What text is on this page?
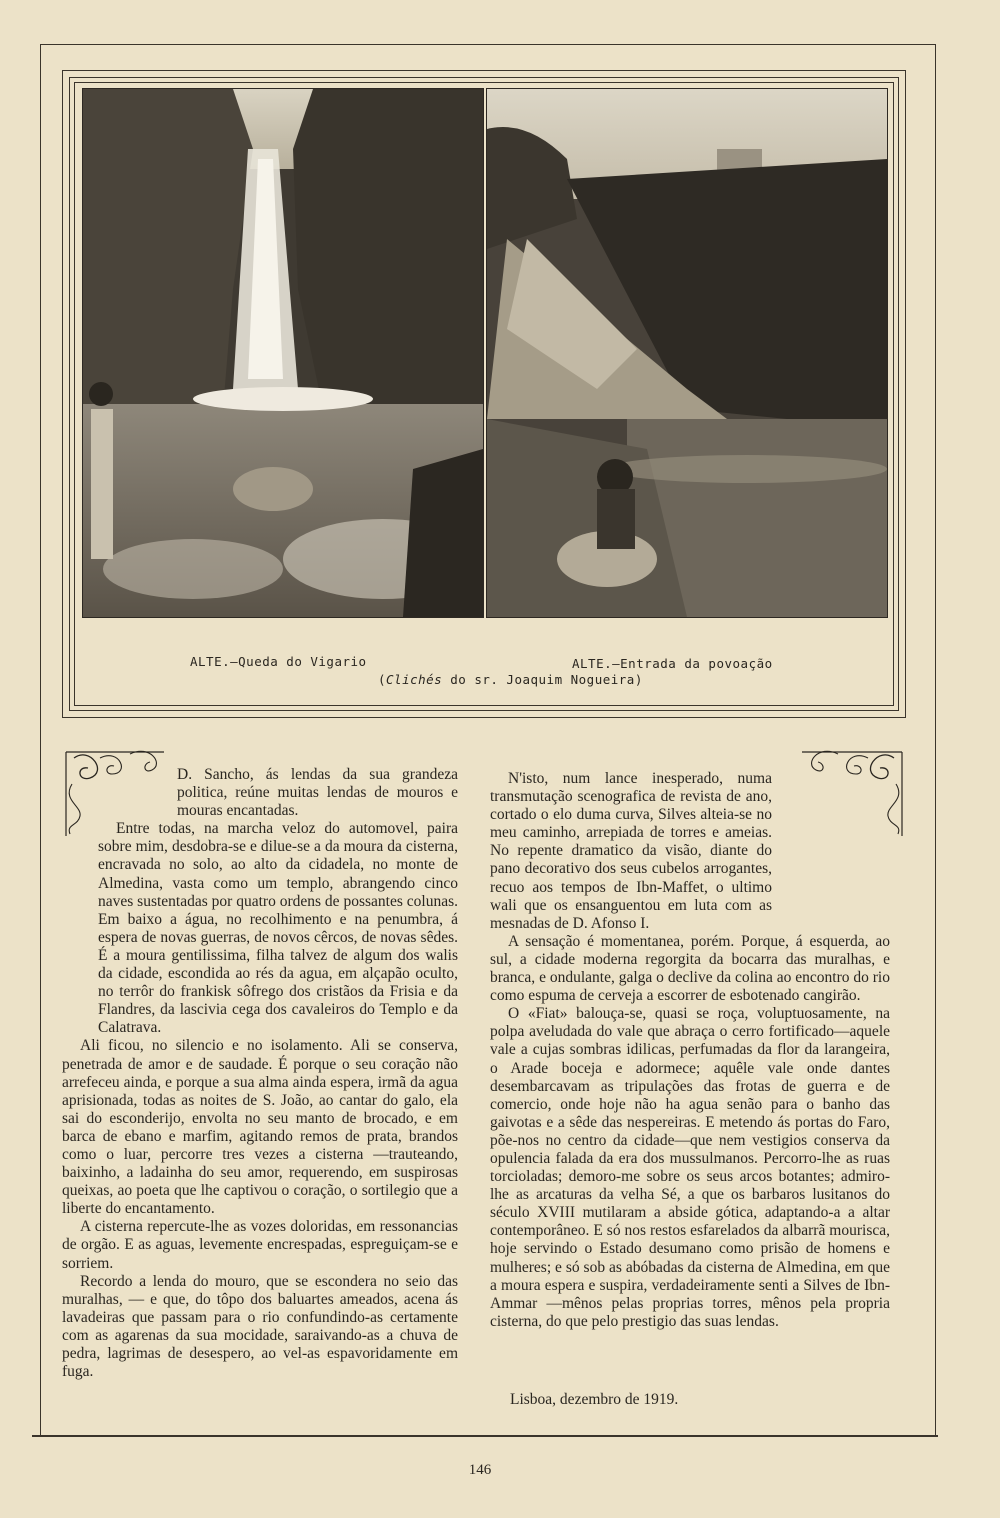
ALTE.—Queda do Vigario	ALTE.—Entrada da povoação
(Clichés do sr. Joaquim Nogueira)

D. Sancho, ás lendas da sua grandeza politica, reúne muitas lendas de mouros e mouras encantadas.

Entre todas, na marcha veloz do automovel, paira sobre mim, desdobra-se e dilue-se a da moura da cisterna, encravada no solo, ao alto da cidadela, no monte de Almedina, vasta como um templo, abrangendo cinco naves sustentadas por quatro ordens de possantes colunas. Em baixo a água, no recolhimento e na penumbra, á espera de novas guerras, de novos cêrcos, de novas sêdes. É a moura gentilissima, filha talvez de algum dos walis da cidade, escondida ao rés da agua, em alçapão oculto, no terrôr do frankisk sôfrego dos cristãos da Frisia e da Flandres, da lascivia cega dos cavaleiros do Templo e da Calatrava.

Ali ficou, no silencio e no isolamento. Ali se conserva, penetrada de amor e de saudade. É porque o seu coração não arrefeceu ainda, e porque a sua alma ainda espera, irmã da agua aprisionada, todas as noites de S. João, ao cantar do galo, ela sai do esconderijo, envolta no seu manto de brocado, e em barca de ebano e marfim, agitando remos de prata, brandos como o luar, percorre tres vezes a cisterna —trauteando, baixinho, a ladainha do seu amor, requerendo, em suspirosas queixas, ao poeta que lhe captivou o coração, o sortilegio que a liberte do encantamento.

A cisterna repercute-lhe as vozes doloridas, em ressonancias de orgão. E as aguas, levemente encrespadas, espreguiçam-se e sorriem.

Recordo a lenda do mouro, que se escondera no seio das muralhas, — e que, do tôpo dos baluartes ameados, acena ás lavadeiras que passam para o rio confundindo-as certamente com as agarenas da sua mocidade, saraivando-as a chuva de pedra, lagrimas de desespero, ao vel-as espavoridamente em fuga.

N'isto, num lance inesperado, numa transmutação scenografica de revista de ano, cortado o elo duma curva, Silves alteia-se no meu caminho, arrepiada de torres e ameias. No repente dramatico da visão, diante do pano decorativo dos seus cubelos arrogantes, recuo aos tempos de Ibn-Maffet, o ultimo wali que os ensanguentou em luta com as mesnadas de D. Afonso I.

A sensação é momentanea, porém. Porque, á esquerda, ao sul, a cidade moderna regorgita da bocarra das muralhas, e branca, e ondulante, galga o declive da colina ao encontro do rio como espuma de cerveja a escorrer de esbotenado cangirão.

O «Fiat» balouça-se, quasi se roça, voluptuosamente, na polpa aveludada do vale que abraça o cerro fortificado—aquele vale a cujas sombras idilicas, perfumadas da flor da larangeira, o Arade boceja e adormece; aquêle vale onde dantes desembarcavam as tripulações das frotas de guerra e de comercio, onde hoje não ha agua senão para o banho das gaivotas e a sêde das nespereiras. E metendo ás portas do Faro, põe-nos no centro da cidade—que nem vestigios conserva da opulencia falada da era dos mussulmanos. Percorro-lhe as ruas torcioladas; demoro-me sobre os seus arcos botantes; admiro-lhe as arcaturas da velha Sé, a que os barbaros lusitanos do século XVIII mutilaram a abside gótica, adaptando-a a altar contemporâneo. E só nos restos esfarelados da albarrã mourisca, hoje servindo o Estado desumano como prisão de homens e mulheres; e só sob as abóbadas da cisterna de Almedina, em que a moura espera e suspira, verdadeiramente senti a Silves de Ibn-Ammar —mênos pelas proprias torres, mênos pela propria cisterna, do que pelo prestigio das suas lendas.

Lisboa, dezembro de 1919.
146
